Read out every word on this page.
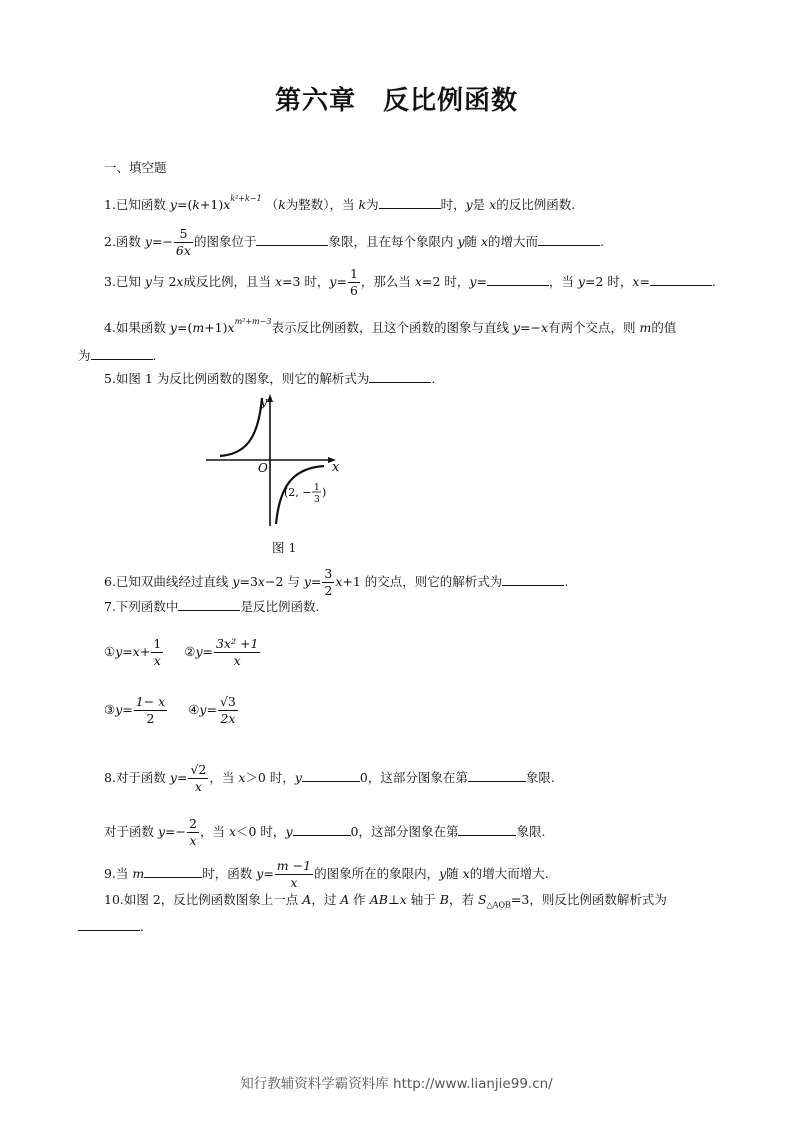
第六章　反比例函数
一、填空题
1.已知函数 $y=(k+1)x^{k^2+k-1}$ （k为整数），当 k为	时，y是 x的反比例函数.
2.函数 $y=- \frac{5}{6x}$ 的图象位于	象限，且在每个象限内 y随 x的增大而	.
3.已知 y与 2x成反比例，且当 x=3 时，$y= \frac{1}{6}$ ，那么当 x=2 时，y=	，当 y=2 时，x=	.
4.如果函数 $y=(m+1)x^{m^2+m-3}$表示反比例函数，且这个函数的图象与直线 y=−x有两个交点，则 m的值
为	.
5.如图 1 为反比例函数的图象，则它的解析式为	.
y
x
O
(2, − 1
3
)
图 1
6.已知双曲线经过直线 y=3x−2 与 $y= \frac{3}{2} x+1$ 的交点，则它的解析式为	.
7.下列函数中	是反比例函数.
①y=x+ $\frac{1}{x}$ ②y= $\frac{\text{3x² +1}}{x}$
③y= $\frac{1- x}{2}$ ④y= $\frac{√3}{2x}$
8.对于函数 $y= \frac{√2}{x}$ ，当 x＞0 时，y	0，这部分图象在第	象限.
对于函数 $y=- \frac{2}{x}$ ，当 x＜0 时，y	0，这部分图象在第	象限.
9.当 m	时，函数 $y= \frac{m -1}{x}$ 的图象所在的象限内，y随 x的增大而增大.
10.如图 2，反比例函数图象上一点 A，过 A 作 AB⊥x 轴于 B，若 $S_{\triangle AOB}=3$，则反比例函数解析式为
.
知行教辅资料学霸资料库 http://www.lianjie99.cn/
